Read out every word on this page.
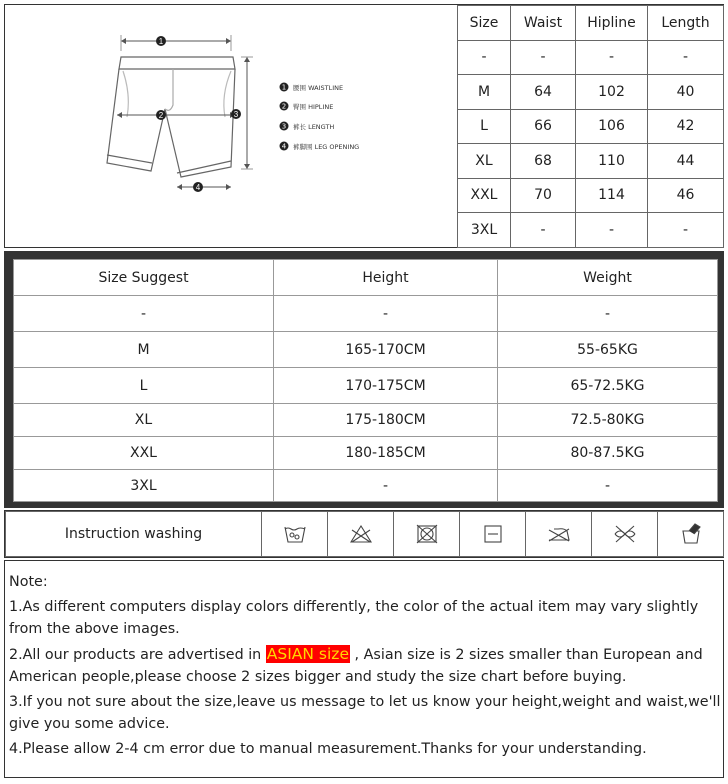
1
2	3
4
1 腰围 WAISTLINE
2 臀围 HIPLINE
3 裤长 LENGTH
4 裤脚围 LEG OPENING
Size	Waist	Hipline	Length
-	-	-	-
M	64	102	40
L	66	106	42
XL	68	110	44
XXL	70	114	46
3XL	-	-	-
Size Suggest	Height	Weight
-	-	-
M	165-170CM	55-65KG
L	170-175CM	65-72.5KG
XL	175-180CM	72.5-80KG
XXL	180-185CM	80-87.5KG
3XL	-	-
Instruction washing	

Note:

1.As different computers display colors differently, the color of the actual item may vary slightly from the above images.

2.All our products are advertised in ASIAN size , Asian size is 2 sizes smaller than European and American people,please choose 2 sizes bigger and study the size chart before buying.

3.If you not sure about the size,leave us message to let us know your height,weight and waist,we'll give you some advice.

4.Please allow 2-4 cm error due to manual measurement.Thanks for your understanding.
